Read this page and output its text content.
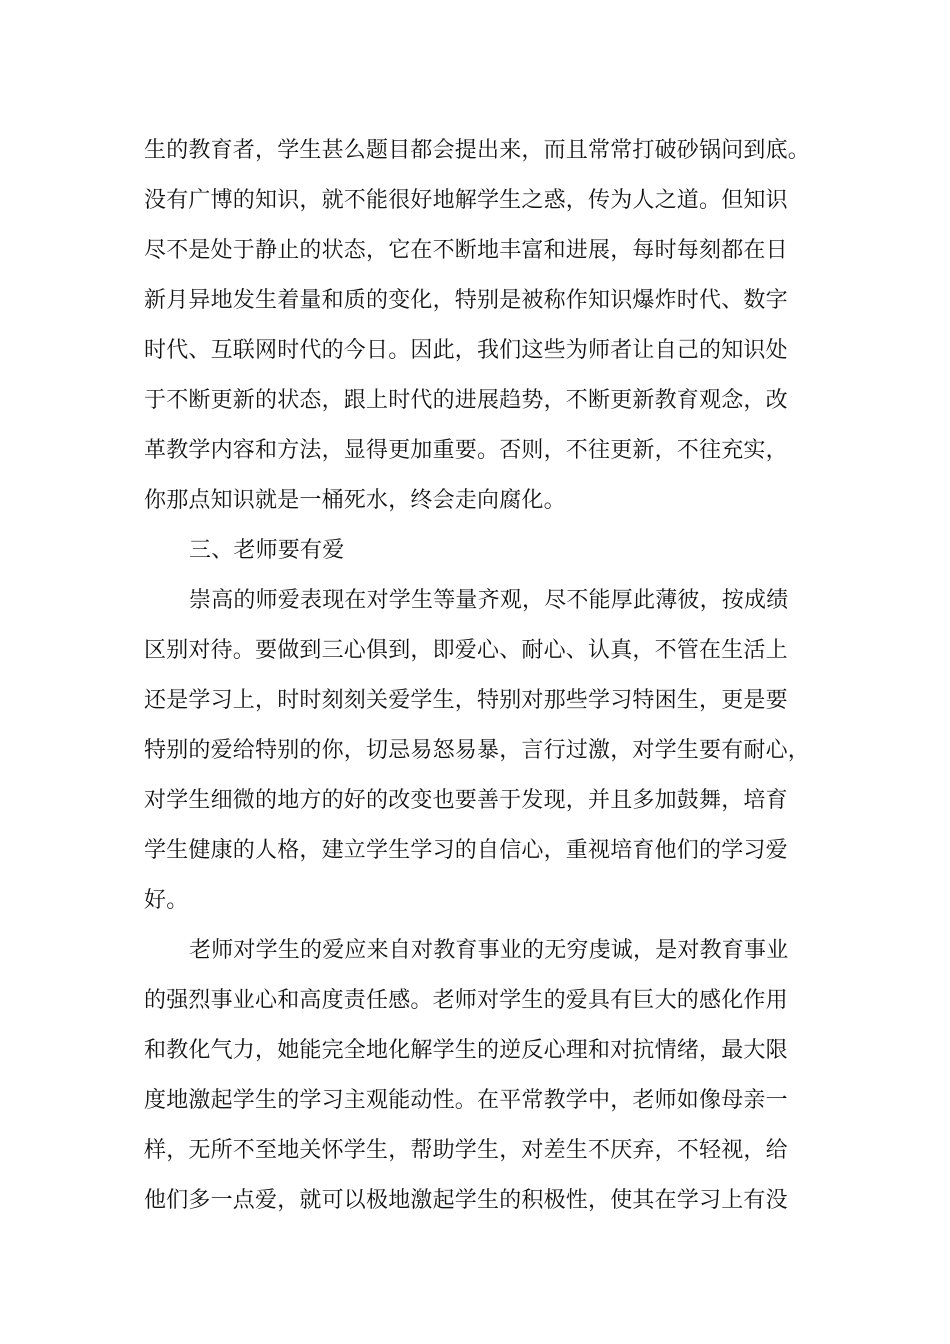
生的教育者，学生甚么题目都会提出来，而且常常打破砂锅问到底。
没有广博的知识，就不能很好地解学生之惑，传为人之道。但知识
尽不是处于静止的状态，它在不断地丰富和进展，每时每刻都在日
新月异地发生着量和质的变化，特别是被称作知识爆炸时代、数字
时代、互联网时代的今日。因此，我们这些为师者让自己的知识处
于不断更新的状态，跟上时代的进展趋势，不断更新教育观念，改
革教学内容和方法，显得更加重要。否则，不往更新，不往充实，
你那点知识就是一桶死水，终会走向腐化。
三、老师要有爱
崇高的师爱表现在对学生等量齐观，尽不能厚此薄彼，按成绩
区别对待。要做到三心俱到，即爱心、耐心、认真，不管在生活上
还是学习上，时时刻刻关爱学生，特别对那些学习特困生，更是要
特别的爱给特别的你，切忌易怒易暴，言行过激，对学生要有耐心，
对学生细微的地方的好的改变也要善于发现，并且多加鼓舞，培育
学生健康的人格，建立学生学习的自信心，重视培育他们的学习爱
好。
老师对学生的爱应来自对教育事业的无穷虔诚，是对教育事业
的强烈事业心和高度责任感。老师对学生的爱具有巨大的感化作用
和教化气力，她能完全地化解学生的逆反心理和对抗情绪，最大限
度地激起学生的学习主观能动性。在平常教学中，老师如像母亲一
样，无所不至地关怀学生，帮助学生，对差生不厌弃，不轻视，给
他们多一点爱，就可以极地激起学生的积极性，使其在学习上有没
